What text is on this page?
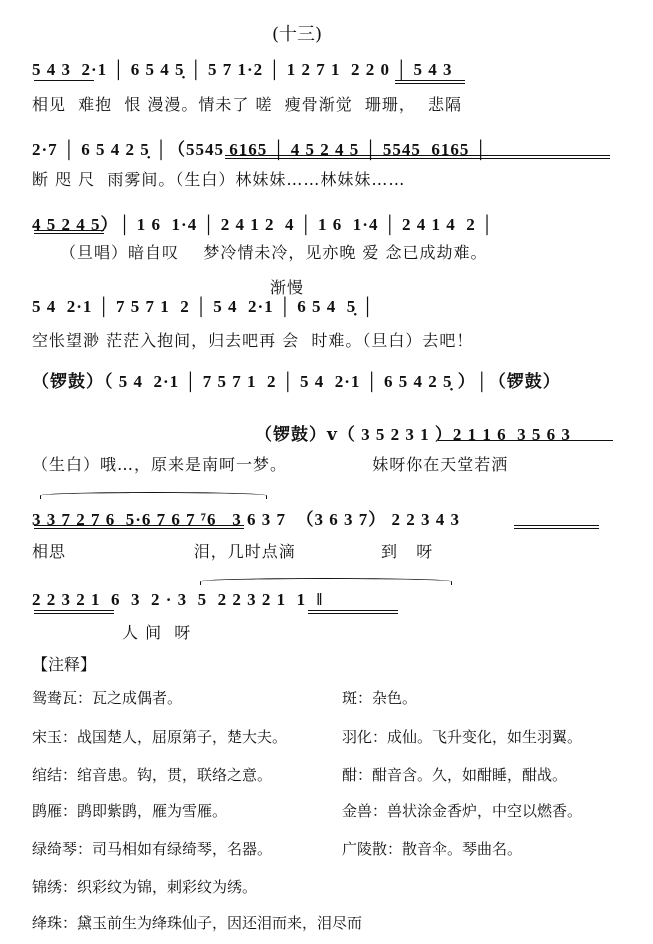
(十三)
5 4 3  2·1 │ 6 5 4 5̣ │ 5 7 1·2 │ 1 2 7 1  2 2 0 │ 5 4 3
相见  难抱  恨 漫漫。情未了 嗟  瘦骨渐觉  珊珊，  悲隔
2·7 │ 6 5 4 2 5̣ │（5545 6165 │ 4 5 2 4 5 │ 5545  6165 │
断 咫 尺  雨雾间。（生白）林妹妹……林妹妹……
4 5 2 4 5）│ 1 6  1·4 │ 2 4 1 2  4 │ 1 6  1·4 │ 2 4 1 4  2 │
（旦唱）暗自叹    梦冷情未冷，见亦晚 爱 念已成劫难。
渐慢
5 4  2·1 │ 7 5 7 1  2 │ 5 4  2·1 │ 6 5 4  5̣ │
空怅望渺 茫茫入抱间，归去吧再 会  时难。（旦白）去吧！
（锣鼓）（ 5 4  2·1 │ 7 5 7 1  2 │ 5 4  2·1 │ 6 5 4 2 5̣ ）│（锣鼓）
（锣鼓）ⅴ（ 3 5 2 3 1 ）2 1 1 6  3 5 6 3
（生白）哦…，原来是南呵一梦。              妹呀你在天堂若洒
3 3 7 2 7 6  5·6 7 6 7 ⁷6   3 6 3 7  （3 6 3 7） 2 2 3 4 3
相思                     泪，几时点滴              到   呀
2 2 3 2 1  6  3  2 · 3  5  2 2 3 2 1  1  ‖
人 间  呀
【注释】
鸳鸯瓦：瓦之成偶者。	斑：杂色。
宋玉：战国楚人，屈原第子，楚大夫。	羽化：成仙。飞升变化，如生羽翼。
绾结：绾音患。钩，贯，联络之意。	酣：酣音含。久，如酣睡，酣战。
鹍雁：鹍即紫鹍，雁为雪雁。	金兽：兽状涂金香炉，中空以燃香。
绿绮琴：司马相如有绿绮琴，名器。	广陵散：散音伞。琴曲名。
锦绣：织彩纹为锦，刺彩纹为绣。
绛珠：黛玉前生为绛珠仙子，因还泪而来，泪尽而
